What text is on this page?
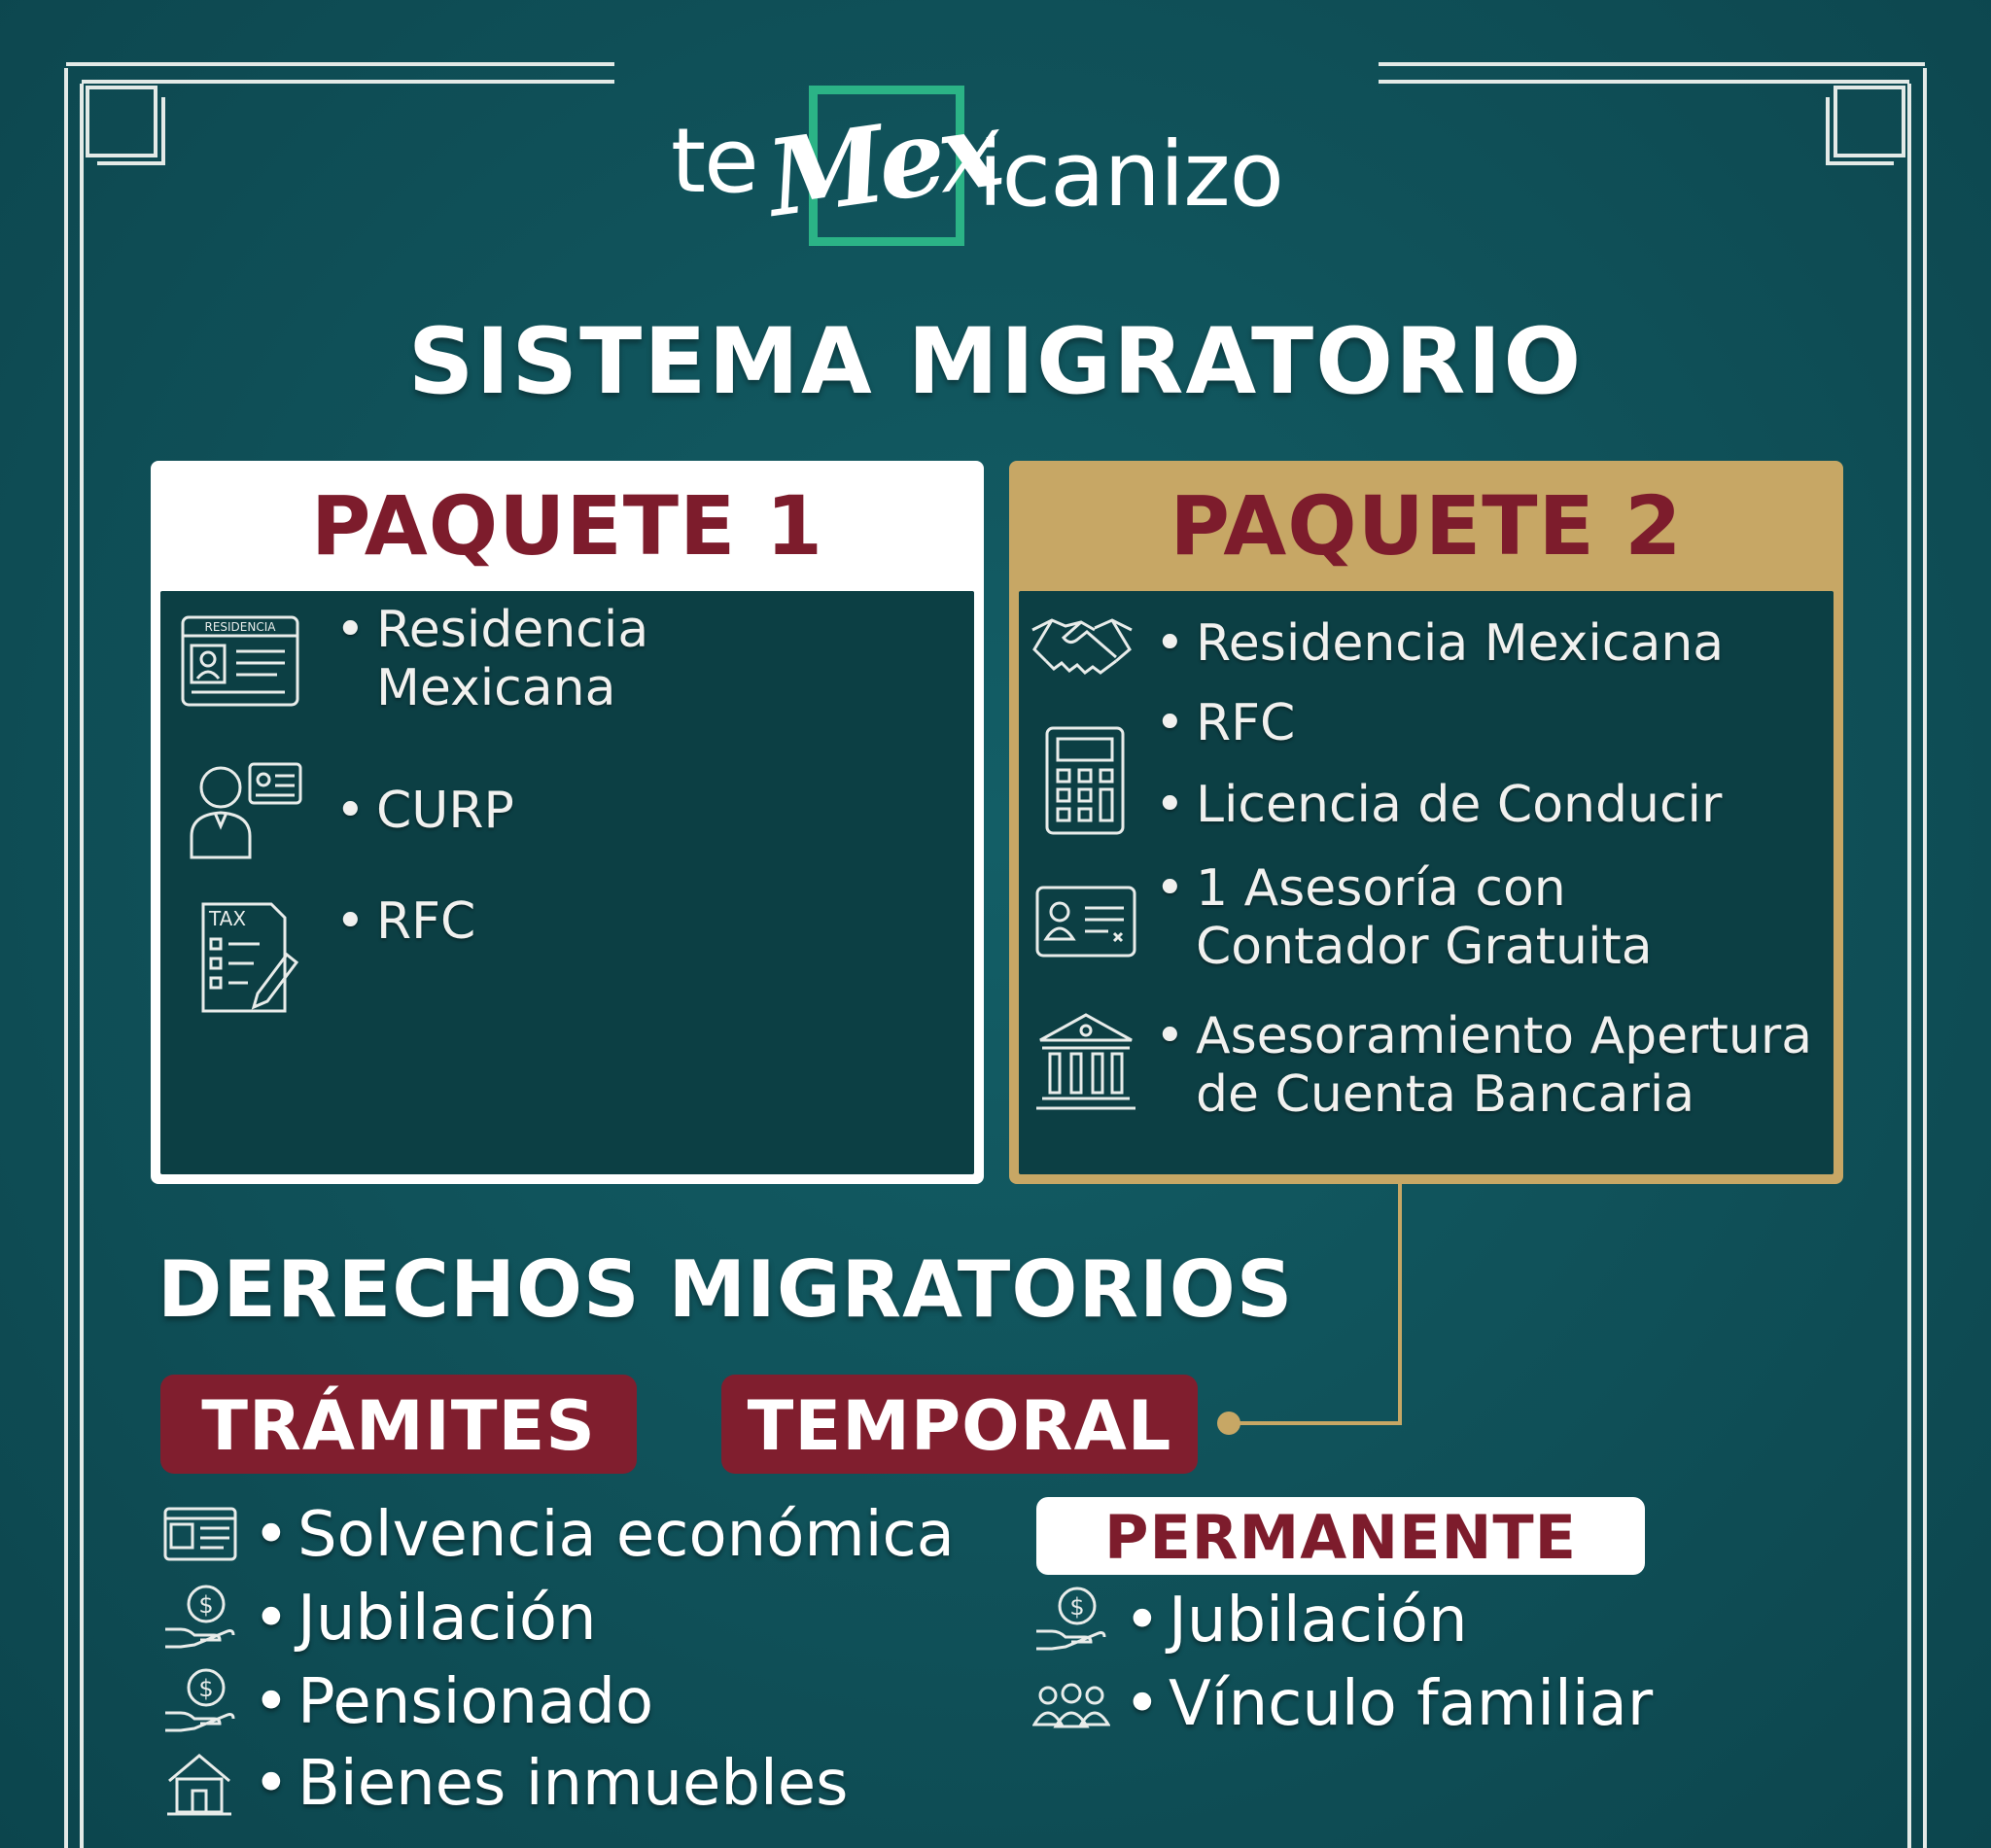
te Mex
icanizo
SISTEMA MIGRATORIO
PAQUETE 1
RESIDENCIA • Residencia
Mexicana
• CURP
TAX • RFC
PAQUETE 2
• Residencia Mexicana
• RFC
• Licencia de Conducir
• 1 Asesoría con
Contador Gratuita
• Asesoramiento Apertura
de Cuenta Bancaria
DERECHOS MIGRATORIOS
TRÁMITES	TEMPORAL
• Solvencia económica
$ • Jubilación
$ • Pensionado
• Bienes inmuebles
PERMANENTE
$ • Jubilación
• Vínculo familiar
